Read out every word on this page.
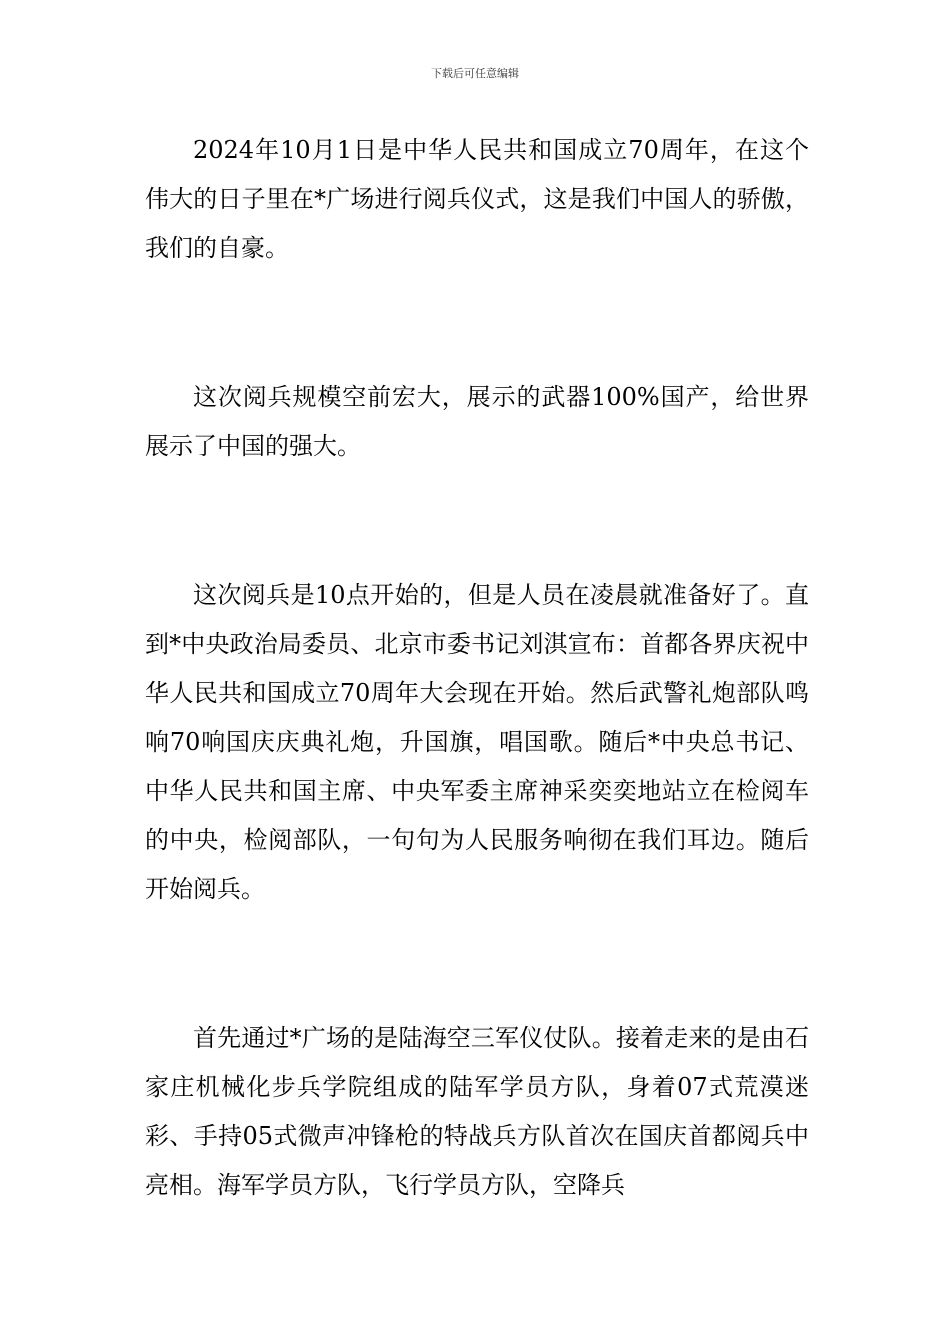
下载后可任意编辑

2024年10月1日是中华人民共和国成立70周年，在这个伟大的日子里在*广场进行阅兵仪式，这是我们中国人的骄傲，我们的自豪。

这次阅兵规模空前宏大，展示的武器100%国产，给世界展示了中国的强大。

这次阅兵是10点开始的，但是人员在凌晨就准备好了。直到*中央政治局委员、北京市委书记刘淇宣布：首都各界庆祝中华人民共和国成立70周年大会现在开始。然后武警礼炮部队鸣响70响国庆庆典礼炮，升国旗，唱国歌。随后*中央总书记、中华人民共和国主席、中央军委主席神采奕奕地站立在检阅车的中央，检阅部队，一句句为人民服务响彻在我们耳边。随后开始阅兵。

首先通过*广场的是陆海空三军仪仗队。接着走来的是由石家庄机械化步兵学院组成的陆军学员方队，身着07式荒漠迷彩、手持05式微声冲锋枪的特战兵方队首次在国庆首都阅兵中亮相。海军学员方队，飞行学员方队，空降兵
